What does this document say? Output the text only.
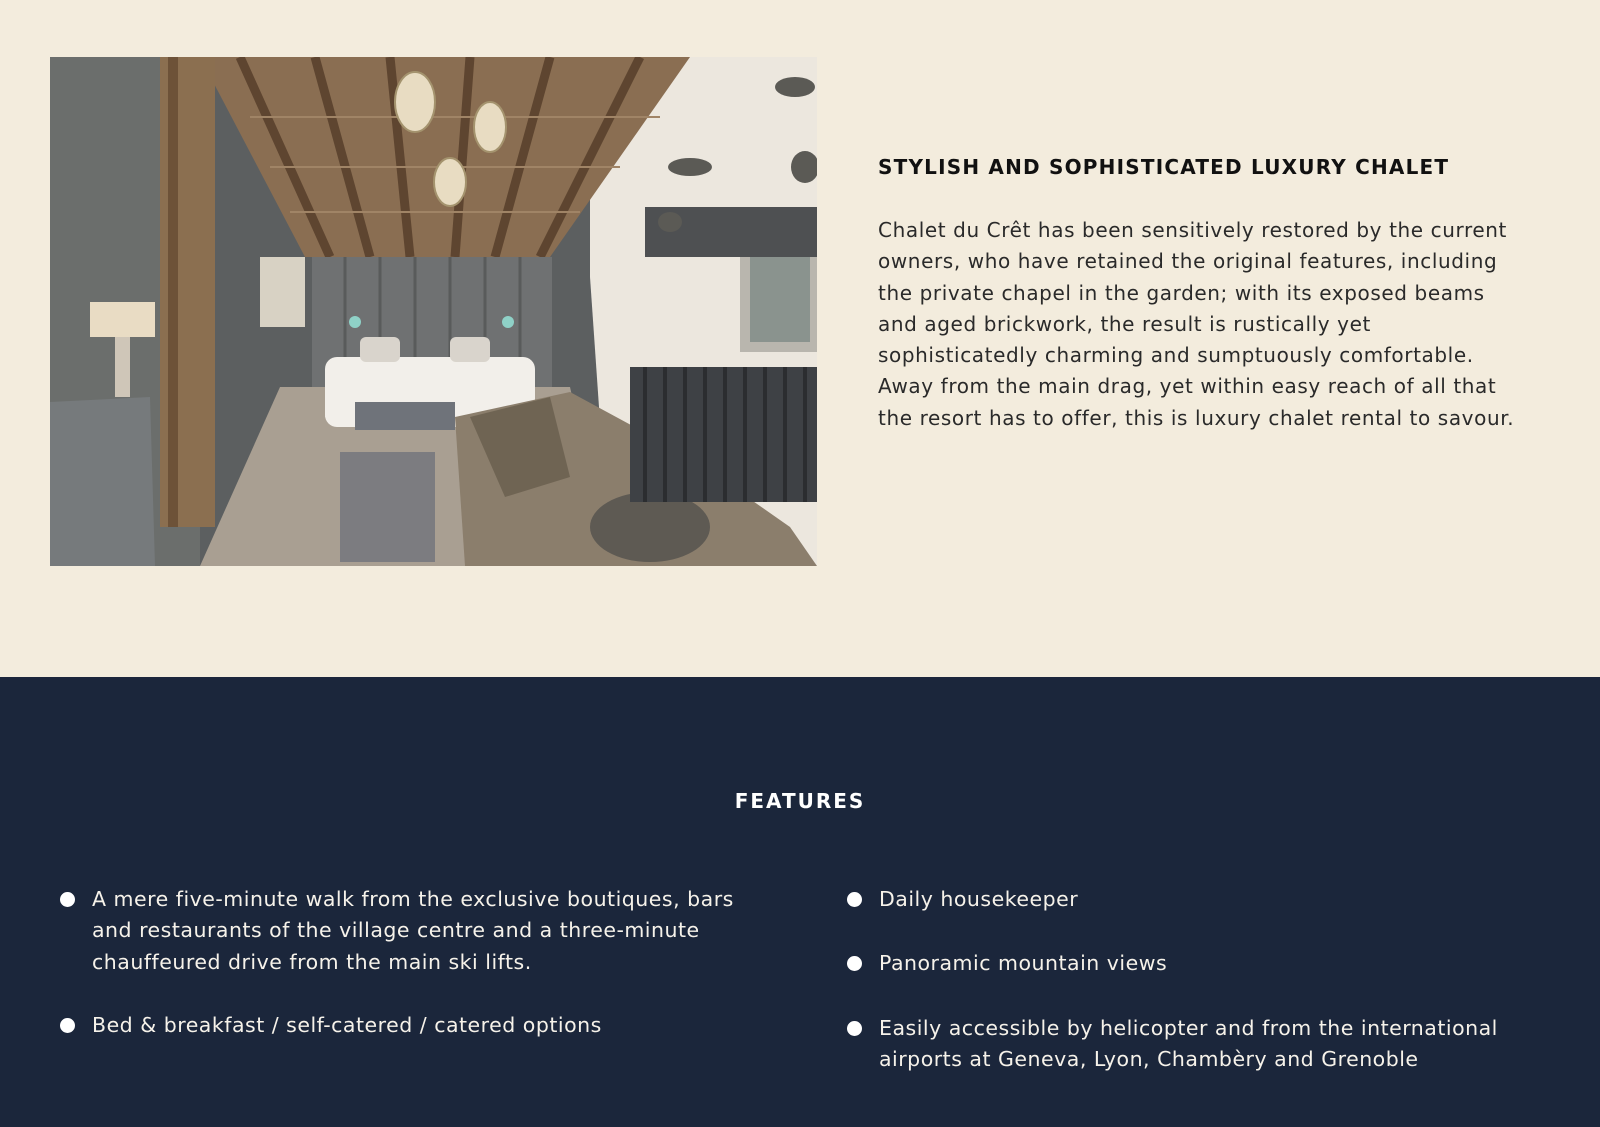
STYLISH AND SOPHISTICATED LUXURY CHALET

Chalet du Crêt has been sensitively restored by the current owners, who have retained the original features, including the private chapel in the garden; with its exposed beams and aged brickwork, the result is rustically yet sophisticatedly charming and sumptuously comfortable. Away from the main drag, yet within easy reach of all that the resort has to offer, this is luxury chalet rental to savour.

FEATURES
A mere five-minute walk from the exclusive boutiques, bars and restaurants of the village centre and a three-minute chauffeured drive from the main ski lifts.
Bed & breakfast / self-catered / catered options
Daily housekeeper
Panoramic mountain views
Easily accessible by helicopter and from the international airports at Geneva, Lyon, Chambèry and Grenoble
